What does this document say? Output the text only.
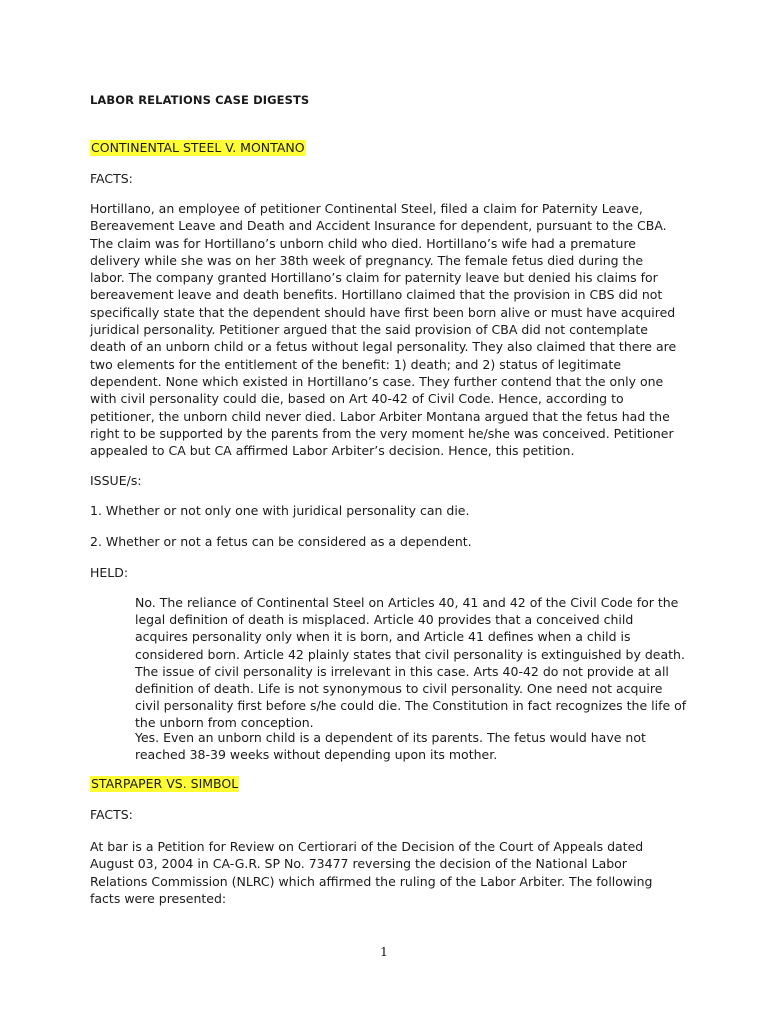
LABOR RELATIONS CASE DIGESTS
CONTINENTAL STEEL V. MONTANO
FACTS:
Hortillano, an employee of petitioner Continental Steel, filed a claim for Paternity Leave, Bereavement Leave and Death and Accident Insurance for dependent, pursuant to the CBA. The claim was for Hortillano’s unborn child who died. Hortillano’s wife had a premature delivery while she was on her 38th week of pregnancy. The female fetus died during the labor. The company granted Hortillano’s claim for paternity leave but denied his claims for bereavement leave and death benefits. Hortillano claimed that the provision in CBS did not specifically state that the dependent should have first been born alive or must have acquired juridical personality. Petitioner argued that the said provision of CBA did not contemplate death of an unborn child or a fetus without legal personality. They also claimed that there are two elements for the entitlement of the benefit: 1) death; and 2) status of legitimate dependent. None which existed in Hortillano’s case. They further contend that the only one with civil personality could die, based on Art 40-42 of Civil Code. Hence, according to petitioner, the unborn child never died. Labor Arbiter Montana argued that the fetus had the right to be supported by the parents from the very moment he/she was conceived. Petitioner appealed to CA but CA affirmed Labor Arbiter’s decision. Hence, this petition.
ISSUE/s:
1. Whether or not only one with juridical personality can die.
2. Whether or not a fetus can be considered as a dependent.
HELD:
No. The reliance of Continental Steel on Articles 40, 41 and 42 of the Civil Code for the legal definition of death is misplaced. Article 40 provides that a conceived child acquires personality only when it is born, and Article 41 defines when a child is considered born. Article 42 plainly states that civil personality is extinguished by death. The issue of civil personality is irrelevant in this case. Arts 40-42 do not provide at all definition of death. Life is not synonymous to civil personality. One need not acquire civil personality first before s/he could die. The Constitution in fact recognizes the life of the unborn from conception.
Yes. Even an unborn child is a dependent of its parents. The fetus would have not reached 38-39 weeks without depending upon its mother.
STARPAPER VS. SIMBOL
FACTS:
At bar is a Petition for Review on Certiorari of the Decision of the Court of Appeals dated August 03, 2004 in CA-G.R. SP No. 73477 reversing the decision of the National Labor Relations Commission (NLRC) which affirmed the ruling of the Labor Arbiter. The following facts were presented:
1
